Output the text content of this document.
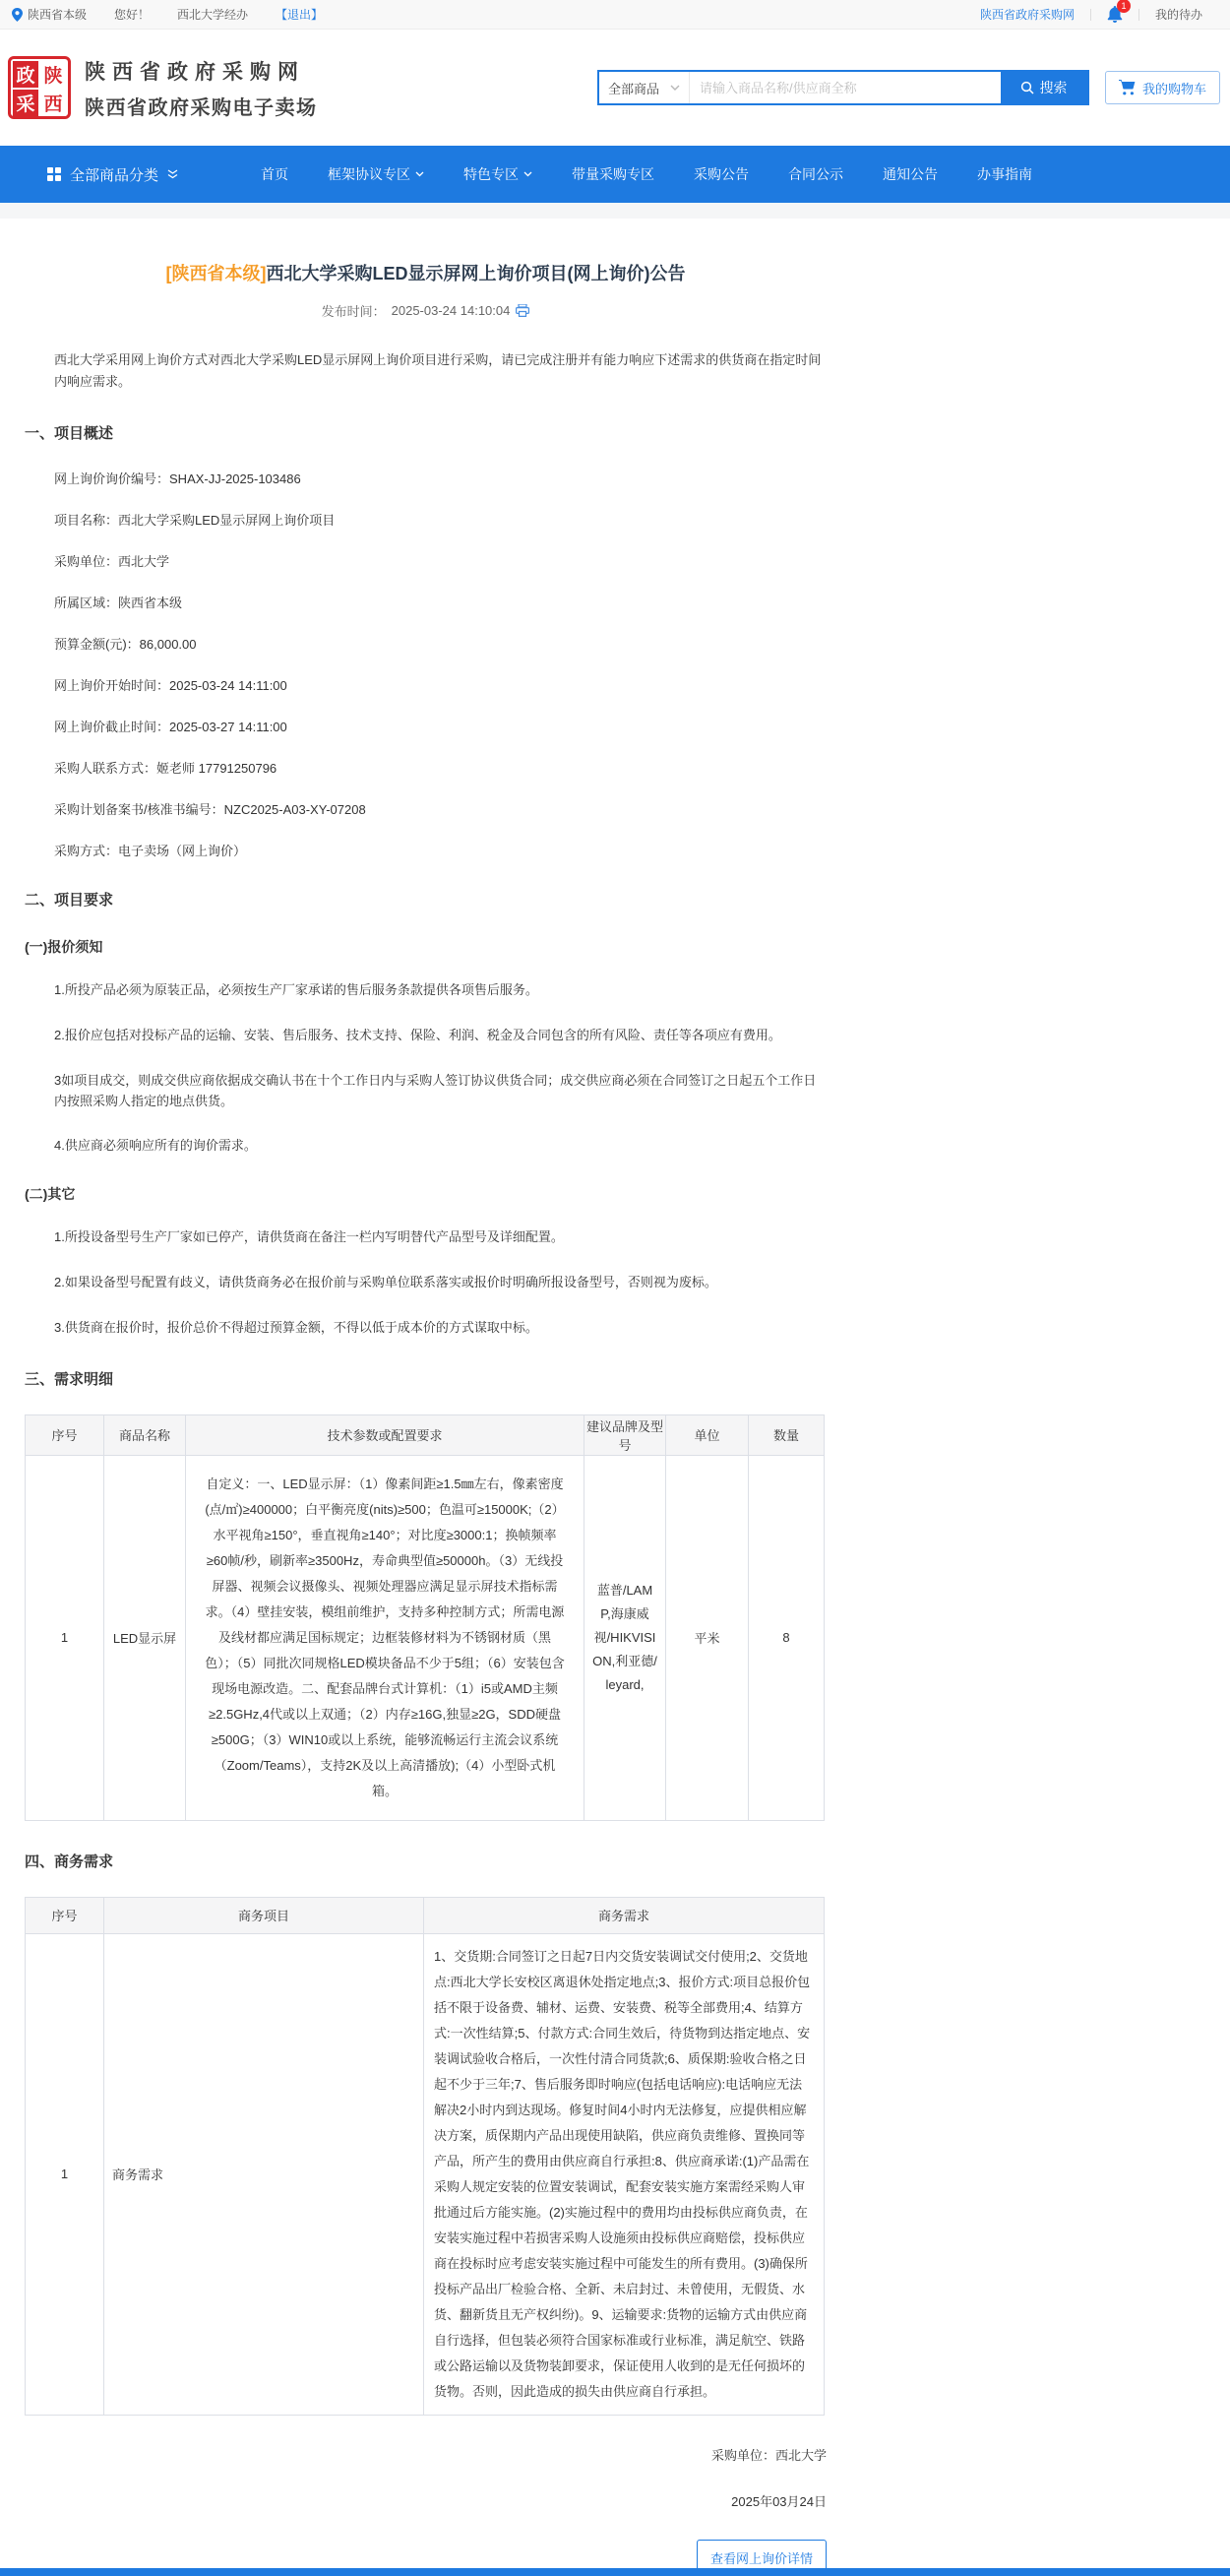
陕西省本级 您好！ 西北大学经办 【退出】	陕西省政府采购网
1
我的待办
政 陕
采 西
陕西省政府采购网
陕西省政府采购电子卖场
全部商品
请输入商品名称/供应商全称	搜索	我的购物车
全部商品分类	首页	框架协议专区	特色专区	带量采购专区	采购公告	合同公示	通知公告	办事指南
[陕西省本级]西北大学采购LED显示屏网上询价项目(网上询价)公告
发布时间： 2025-03-24 14:10:04

西北大学采用网上询价方式对西北大学采购LED显示屏网上询价项目进行采购，请已完成注册并有能力响应下述需求的供货商在指定时间内响应需求。

一、项目概述

网上询价询价编号：SHAX-JJ-2025-103486

项目名称：西北大学采购LED显示屏网上询价项目

采购单位：西北大学

所属区域：陕西省本级

预算金额(元)：86,000.00

网上询价开始时间：2025-03-24 14:11:00

网上询价截止时间：2025-03-27 14:11:00

采购人联系方式：姬老师 17791250796

采购计划备案书/核准书编号：NZC2025-A03-XY-07208

采购方式：电子卖场（网上询价）

二、项目要求
(一)报价须知

1.所投产品必须为原装正品，必须按生产厂家承诺的售后服务条款提供各项售后服务。

2.报价应包括对投标产品的运输、安装、售后服务、技术支持、保险、利润、税金及合同包含的所有风险、责任等各项应有费用。

3如项目成交，则成交供应商依据成交确认书在十个工作日内与采购人签订协议供货合同；成交供应商必须在合同签订之日起五个工作日内按照采购人指定的地点供货。

4.供应商必须响应所有的询价需求。

(二)其它

1.所投设备型号生产厂家如已停产，请供货商在备注一栏内写明替代产品型号及详细配置。

2.如果设备型号配置有歧义，请供货商务必在报价前与采购单位联系落实或报价时明确所报设备型号，否则视为废标。

3.供货商在报价时，报价总价不得超过预算金额，不得以低于成本价的方式谋取中标。

三、需求明细
序号	商品名称	技术参数或配置要求	建议品牌及型号	单位	数量
1	LED显示屏	自定义：一、LED显示屏：（1）像素间距≥1.5㎜左右，像素密度(点/㎡)≥400000；白平衡亮度(nits)≥500；色温可≥15000K;（2）水平视角≥150°，垂直视角≥140°；对比度≥3000:1；换帧频率≥60帧/秒，刷新率≥3500Hz，寿命典型值≥50000h。（3）无线投屏器、视频会议摄像头、视频处理器应满足显示屏技术指标需求。（4）壁挂安装，模组前维护，支持多种控制方式；所需电源及线材都应满足国标规定；边框装修材料为不锈钢材质（黑色）；（5）同批次同规格LED模块备品不少于5组；（6）安装包含现场电源改造。二、配套品牌台式计算机：（1）i5或AMD主频≥2.5GHz,4代或以上双通；（2）内存≥16G,独显≥2G，SDD硬盘≥500G；（3）WIN10或以上系统，能够流畅运行主流会议系统（Zoom/Teams），支持2K及以上高清播放);（4）小型卧式机箱。	蓝普/LAMP,海康威视/HIKVISION,利亚德/leyard,	平米	8
四、商务需求
序号	商务项目	商务需求
1	商务需求	1、交货期:合同签订之日起7日内交货安装调试交付使用;2、交货地点:西北大学长安校区离退休处指定地点;3、报价方式:项目总报价包括不限于设备费、辅材、运费、安装费、税等全部费用;4、结算方式:一次性结算;5、付款方式:合同生效后，待货物到达指定地点、安装调试验收合格后，一次性付清合同货款;6、质保期:验收合格之日起不少于三年;7、售后服务即时响应(包括电话响应):电话响应无法解决2小时内到达现场。修复时间4小时内无法修复，应提供相应解决方案，质保期内产品出现使用缺陷，供应商负责维修、置换同等产品，所产生的费用由供应商自行承担:8、供应商承诺:(1)产品需在采购人规定安装的位置安装调试，配套安装实施方案需经采购人审批通过后方能实施。(2)实施过程中的费用均由投标供应商负责，在安装实施过程中若损害采购人设施须由投标供应商赔偿，投标供应商在投标时应考虑安装实施过程中可能发生的所有费用。(3)确保所投标产品出厂检验合格、全新、未启封过、未曾使用，无假货、水货、翻新货且无产权纠纷)。9、运输要求:货物的运输方式由供应商自行选择，但包装必须符合国家标准或行业标准，满足航空、铁路或公路运输以及货物装卸要求，保证使用人收到的是无任何损坏的货物。否则，因此造成的损失由供应商自行承担。
采购单位：西北大学
2025年03月24日
查看网上询价详情
